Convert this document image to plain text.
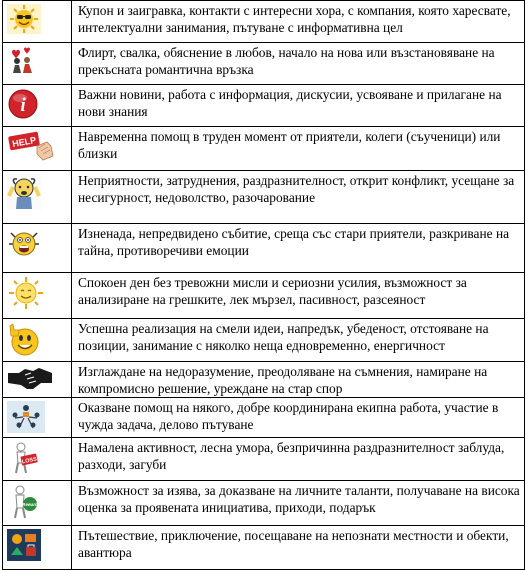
	Купон и заигравка, контакти с интересни хора, с компания, която харесвате, интелектуални занимания, пътуване с информативна цел

	Флирт, свалка, обяснение в любов, начало на нова или възстановяване на прекъсната романтична връзка

i	Важни новини, работа с информация, дискусии, усвояване и прилагане на нови знания

HELP	Навременна помощ в труден момент от приятели, колеги (съученици) или близки

	Неприятности, затруднения, раздразнителност, открит конфликт, усещане за несигурност, недоволство, разочарование

	Изненада, непредвидено събитие, среща със стари приятели, разкриване на тайна, противоречиви емоции

	Спокоен ден без тревожни мисли и сериозни усилия, възможност за анализиране на грешките, лек мързел, пасивност, разсеяност

	Успешна реализация на смели идеи, напредък, убеденост, отстояване на позиции, занимание с няколко неща едновременно, енергичност

	Изглаждане на недоразумение, преодоляване на съмнения, намиране на компромисно решение, уреждане на стар спор

	Оказване помощ на някого, добре координирана екипна работа, участие в чужда задача, делово пътуване

LOSS	Намалена активност, лесна умора, безпричинна раздразнителност заблуда, разходи, загуби

Reward	Възможност за изява, за доказване на личните таланти, получаване на висока оценка за проявената инициатива, приходи, подарък

	Пътешествие, приключение, посещаване на непознати местности и обекти, авантюра
